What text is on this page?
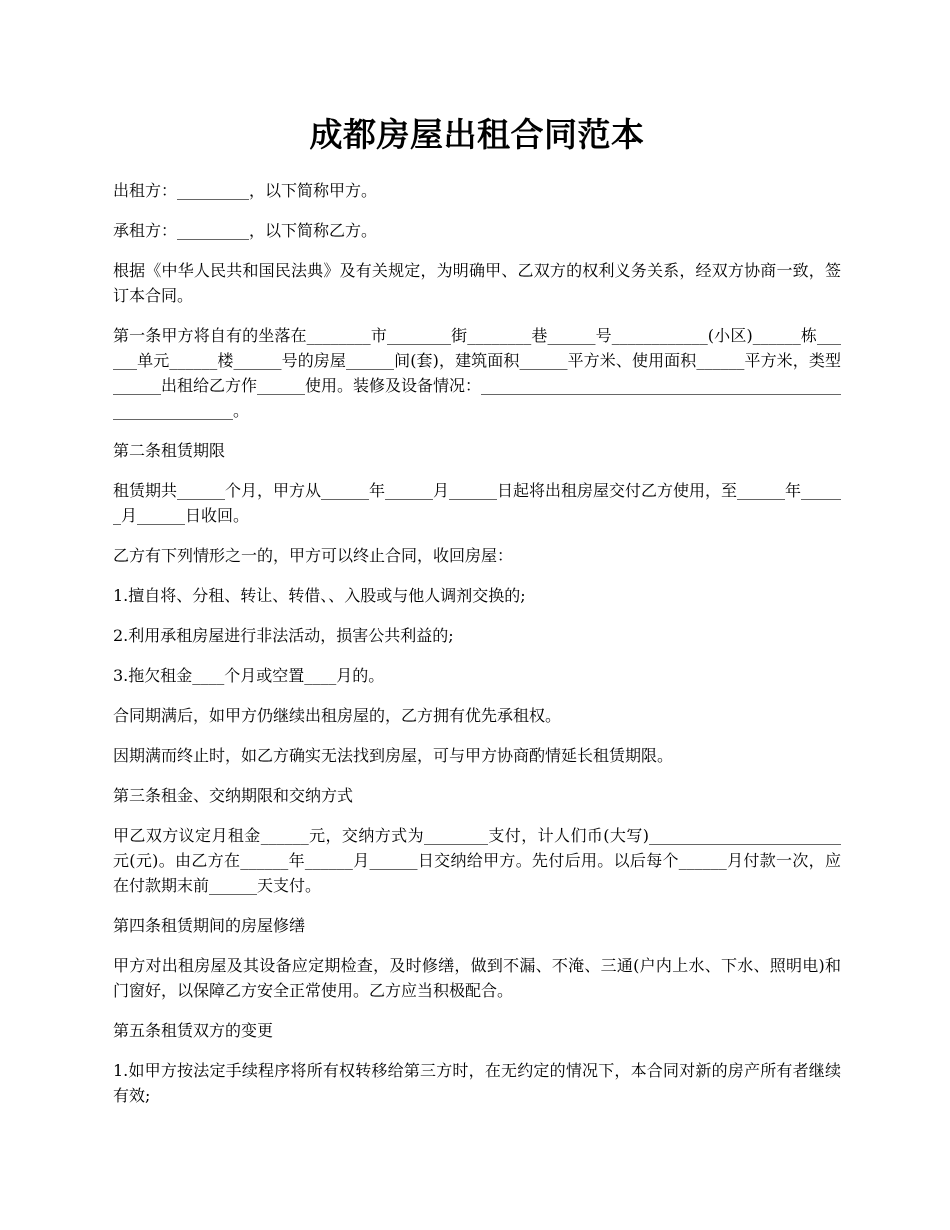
成都房屋出租合同范本

出租方：_________，以下简称甲方。

承租方：_________，以下简称乙方。

根据《中华人民共和国民法典》及有关规定，为明确甲、乙双方的权利义务关系，经双方协商一致，签订本合同。

第一条甲方将自有的坐落在________市________街________巷______号____________(小区)______栋______单元______楼______号的房屋______间(套)，建筑面积______平方米、使用面积______平方米，类型______出租给乙方作______使用。装修及设备情况：____________________________________________________________。

第二条租赁期限

租赁期共______个月，甲方从______年______月______日起将出租房屋交付乙方使用，至______年______月______日收回。

乙方有下列情形之一的，甲方可以终止合同，收回房屋：

1.擅自将、分租、转让、转借、、入股或与他人调剂交换的;

2.利用承租房屋进行非法活动，损害公共利益的;

3.拖欠租金____个月或空置____月的。

合同期满后，如甲方仍继续出租房屋的，乙方拥有优先承租权。

因期满而终止时，如乙方确实无法找到房屋，可与甲方协商酌情延长租赁期限。

第三条租金、交纳期限和交纳方式

甲乙双方议定月租金______元，交纳方式为________支付，计人们币(大写)________________________元(元)。由乙方在______年______月______日交纳给甲方。先付后用。以后每个______月付款一次，应在付款期末前______天支付。

第四条租赁期间的房屋修缮

甲方对出租房屋及其设备应定期检查，及时修缮，做到不漏、不淹、三通(户内上水、下水、照明电)和门窗好，以保障乙方安全正常使用。乙方应当积极配合。

第五条租赁双方的变更

1.如甲方按法定手续程序将所有权转移给第三方时，在无约定的情况下，本合同对新的房产所有者继续有效;
